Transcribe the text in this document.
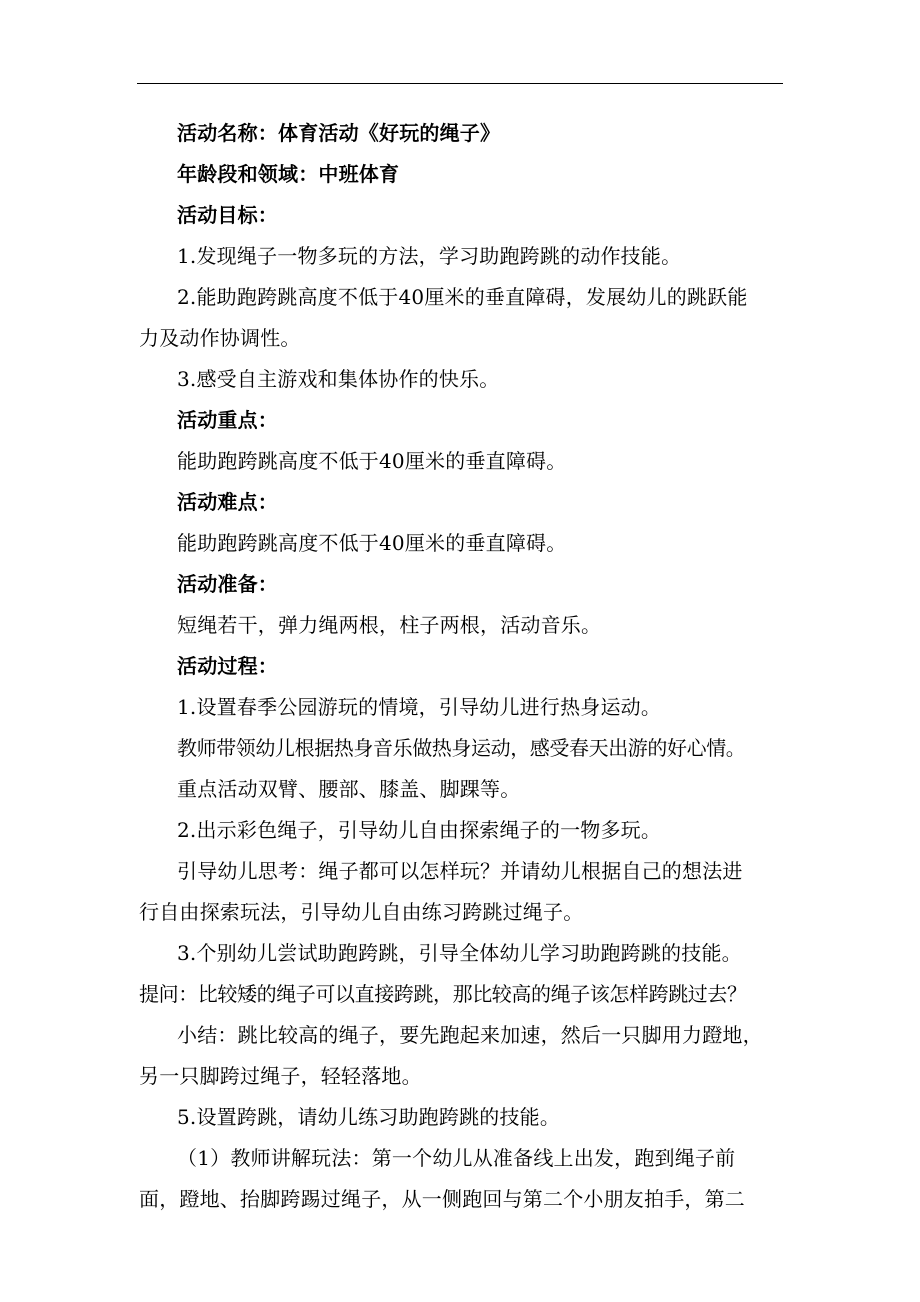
活动名称：体育活动《好玩的绳子》
年龄段和领域：中班体育
活动目标：
1.发现绳子一物多玩的方法，学习助跑跨跳的动作技能。
2.能助跑跨跳高度不低于40厘米的垂直障碍，发展幼儿的跳跃能
力及动作协调性。
3.感受自主游戏和集体协作的快乐。
活动重点：
能助跑跨跳高度不低于40厘米的垂直障碍。
活动难点：
能助跑跨跳高度不低于40厘米的垂直障碍。
活动准备：
短绳若干，弹力绳两根，柱子两根，活动音乐。
活动过程：
1.设置春季公园游玩的情境，引导幼儿进行热身运动。
教师带领幼儿根据热身音乐做热身运动，感受春天出游的好心情。
重点活动双臂、腰部、膝盖、脚踝等。
2.出示彩色绳子，引导幼儿自由探索绳子的一物多玩。
引导幼儿思考：绳子都可以怎样玩？并请幼儿根据自己的想法进
行自由探索玩法，引导幼儿自由练习跨跳过绳子。
3.个别幼儿尝试助跑跨跳，引导全体幼儿学习助跑跨跳的技能。
提问：比较矮的绳子可以直接跨跳，那比较高的绳子该怎样跨跳过去？
小结：跳比较高的绳子，要先跑起来加速，然后一只脚用力蹬地，
另一只脚跨过绳子，轻轻落地。
5.设置跨跳，请幼儿练习助跑跨跳的技能。
（1）教师讲解玩法：第一个幼儿从准备线上出发，跑到绳子前
面，蹬地、抬脚跨踢过绳子，从一侧跑回与第二个小朋友拍手，第二
